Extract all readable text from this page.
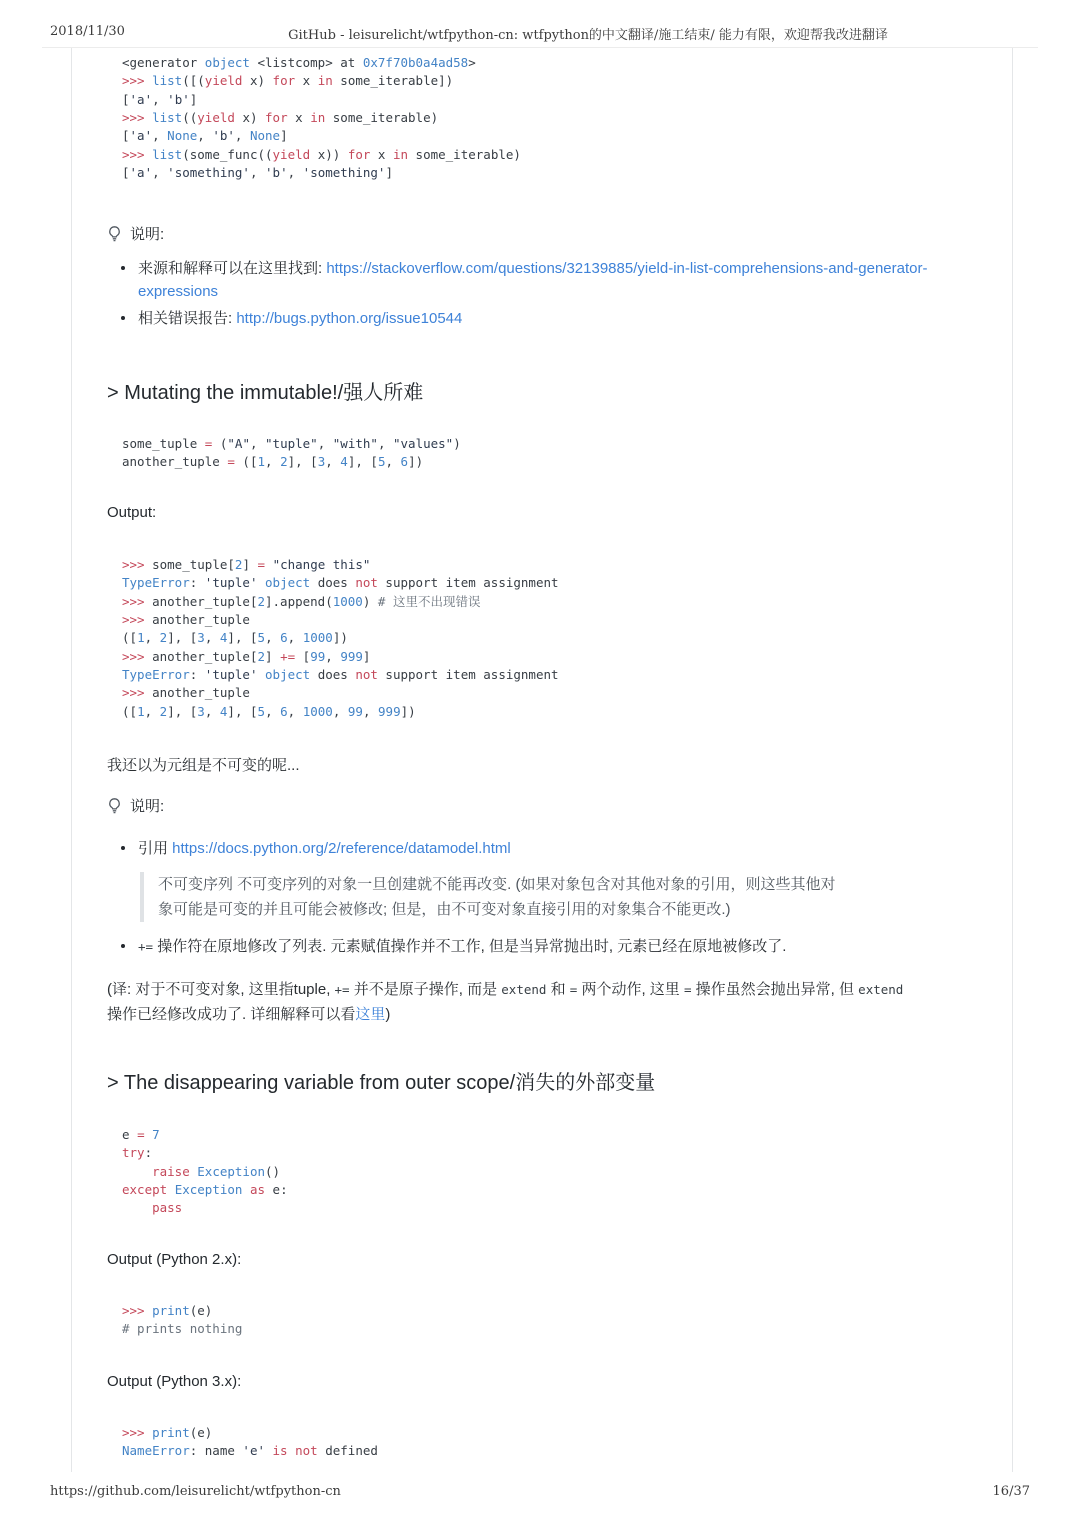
2018/11/30	GitHub - leisurelicht/wtfpython-cn: wtfpython的中文翻译/施工结束/ 能力有限，欢迎帮我改进翻译
https://github.com/leisurelicht/wtfpython-cn	16/37
<generator object <listcomp> at 0x7f70b0a4ad58>
>>> list([(yield x) for x in some_iterable])
['a', 'b']
>>> list((yield x) for x in some_iterable)
['a', None, 'b', None]
>>> list(some_func((yield x)) for x in some_iterable)
['a', 'something', 'b', 'something']
说明:
来源和解释可以在这里找到: https://stackoverflow.com/questions/32139885/yield-in-list-comprehensions-and-generator-expressions
相关错误报告: http://bugs.python.org/issue10544
> Mutating the immutable!/强人所难
some_tuple = ("A", "tuple", "with", "values")
another_tuple = ([1, 2], [3, 4], [5, 6])
Output:
>>> some_tuple[2] = "change this"
TypeError: 'tuple' object does not support item assignment
>>> another_tuple[2].append(1000) # 这里不出现错误
>>> another_tuple
([1, 2], [3, 4], [5, 6, 1000])
>>> another_tuple[2] += [99, 999]
TypeError: 'tuple' object does not support item assignment
>>> another_tuple
([1, 2], [3, 4], [5, 6, 1000, 99, 999])
我还以为元组是不可变的呢...
说明:
引用 https://docs.python.org/2/reference/datamodel.html
不可变序列 不可变序列的对象一旦创建就不能再改变. (如果对象包含对其他对象的引用，则这些其他对象可能是可变的并且可能会被修改; 但是，由不可变对象直接引用的对象集合不能更改.)
+= 操作符在原地修改了列表. 元素赋值操作并不工作, 但是当异常抛出时, 元素已经在原地被修改了.
(译: 对于不可变对象, 这里指tuple, += 并不是原子操作, 而是 extend 和 = 两个动作, 这里 = 操作虽然会抛出异常, 但 extend 操作已经修改成功了. 详细解释可以看这里)
> The disappearing variable from outer scope/消失的外部变量
e = 7
try:
raise Exception()
except Exception as e:
pass
Output (Python 2.x):
>>> print(e)
# prints nothing
Output (Python 3.x):
>>> print(e)
NameError: name 'e' is not defined
